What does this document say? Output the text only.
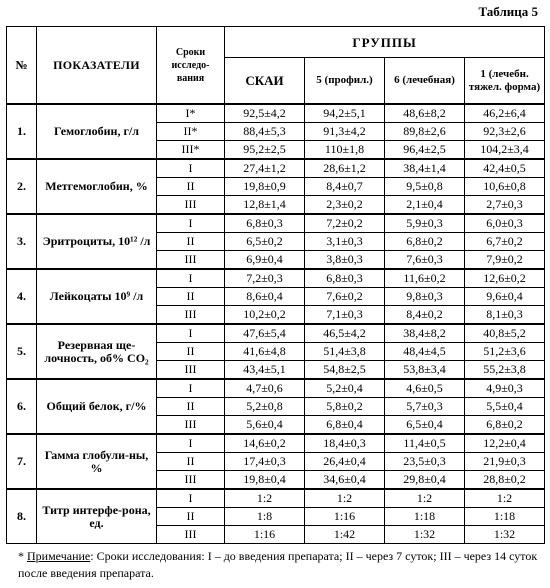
Таблица 5
№	ПОКАЗАТЕЛИ	Сроки исследо-вания	ГРУППЫ			
			СКАИ	5 (профил.)	6 (лечебная)	1 (лечебн. тяжел. форма)
1.	Гемоглобин, г/л	I*	92,5±4,2	94,2±5,1	48,6±8,2	46,2±6,4
		II*	88,4±5,3	91,3±4,2	89,8±2,6	92,3±2,6
		III*	95,2±2,5	110±1,8	96,4±2,5	104,2±3,4
2.	Метгемоглобин, %	I	27,4±1,2	28,6±1,2	38,4±1,4	42,4±0,5
		II	19,8±0,9	8,4±0,7	9,5±0,8	10,6±0,8
		III	12,8±1,4	2,3±0,2	2,1±0,4	2,7±0,3
3.	Эритроциты, 10¹² /л	I	6,8±0,3	7,2±0,2	5,9±0,3	6,0±0,3
		II	6,5±0,2	3,1±0,3	6,8±0,2	6,7±0,2
		III	6,9±0,4	3,8±0,3	7,6±0,3	7,9±0,2
4.	Лейкоцаты 10⁹ /л	I	7,2±0,3	6,8±0,3	11,6±0,2	12,6±0,2
		II	8,6±0,4	7,6±0,2	9,8±0,3	9,6±0,4
		III	10,2±0,2	7,1±0,3	8,4±0,2	8,1±0,3
5.	Резервная ще-лочность, об% CO₂	I	47,6±5,4	46,5±4,2	38,4±8,2	40,8±5,2
		II	41,6±4,8	51,4±3,8	48,4±4,5	51,2±3,6
		III	43,4±5,1	54,8±2,5	53,8±3,4	55,2±3,8
6.	Общий белок, г/%	I	4,7±0,6	5,2±0,4	4,6±0,5	4,9±0,3
		II	5,2±0,8	5,8±0,2	5,7±0,3	5,5±0,4
		III	5,6±0,4	6,8±0,4	6,5±0,4	6,8±0,2
7.	Гамма глобули-ны, %	I	14,6±0,2	18,4±0,3	11,4±0,5	12,2±0,4
		II	17,4±0,3	26,4±0,4	23,5±0,3	21,9±0,3
		III	19,8±0,4	34,6±0,4	29,8±0,4	28,8±0,2
8.	Титр интерфе-рона, ед.	I	1:2	1:2	1:2	1:2
		II	1:8	1:16	1:18	1:18
		III	1:16	1:42	1:32	1:32
* Примечание: Сроки исследования: I – до введения препарата; II – через 7 суток; III – через 14 суток после введения препарата.
